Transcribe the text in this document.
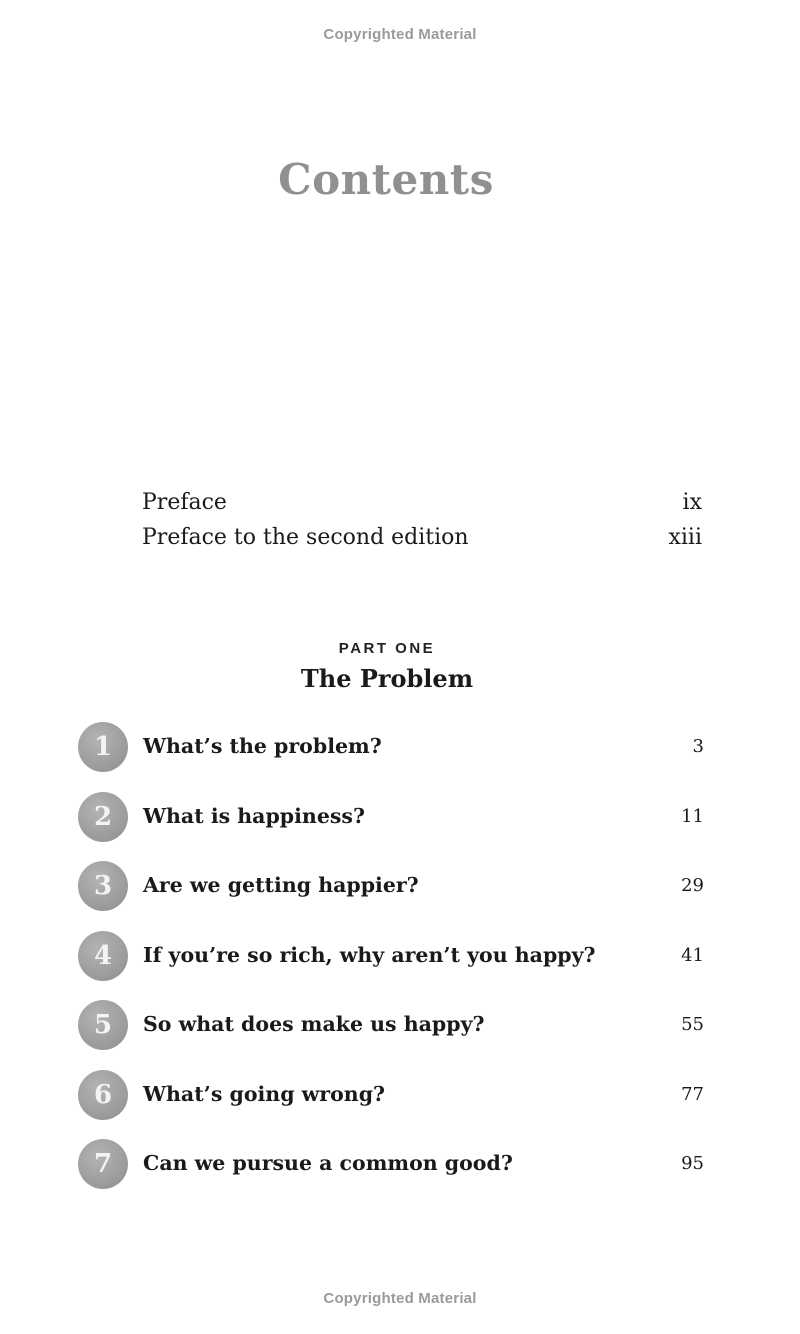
Copyrighted Material
Contents
Preface	ix
Preface to the second edition	xiii
PART ONE
The Problem
1	What’s the problem?	3
2	What is happiness?	11
3	Are we getting happier?	29
4	If you’re so rich, why aren’t you happy?	41
5	So what does make us happy?	55
6	What’s going wrong?	77
7	Can we pursue a common good?	95
Copyrighted Material
